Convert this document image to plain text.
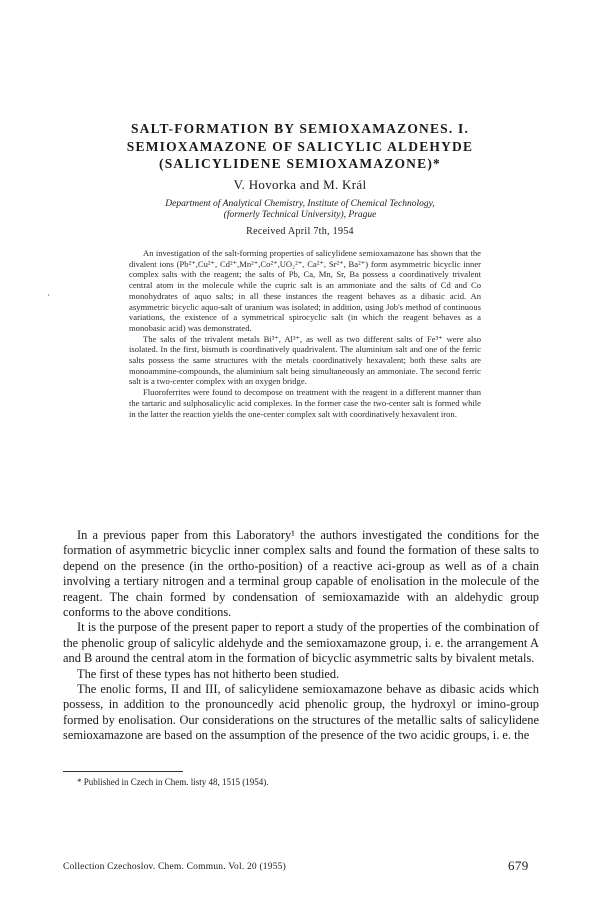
SALT-FORMATION BY SEMIOXAMAZONES. I.
SEMIOXAMAZONE OF SALICYLIC ALDEHYDE
(SALICYLIDENE SEMIOXAMAZONE)*
V. Hovorka and M. Král
Department of Analytical Chemistry, Institute of Chemical Technology,
(formerly Technical University), Prague
Received April 7th, 1954
·

An investigation of the salt-forming properties of salicylidene semioxamazone has shown that the divalent ions (Pb²⁺,Cu²⁺, Cd²⁺,Mn²⁺,Co²⁺,UO₂²⁺, Ca²⁺, Sr²⁺, Ba²⁺) form asymmetric bicyclic inner complex salts with the reagent; the salts of Pb, Ca, Mn, Sr, Ba possess a coordinatively trivalent central atom in the molecule while the cupric salt is an ammoniate and the salts of Cd and Co monohydrates of aquo salts; in all these instances the reagent behaves as a dibasic acid. An asymmetric bicyclic aquo-salt of uranium was isolated; in addition, using Job's method of continuous variations, the existence of a symmetrical spirocyclic salt (in which the reagent behaves as a monobasic acid) was demonstrated.

The salts of the trivalent metals Bi³⁺, Al³⁺, as well as two different salts of Fe³⁺ were also isolated. In the first, bismuth is coordinatively quadrivalent. The aluminium salt and one of the ferric salts possess the same structures with the metals coordinatively hexavalent; both these salts are monoammine-compounds, the aluminium salt being simultaneously an ammoniate. The second ferric salt is a two-center complex with an oxygen bridge.

Fluoroferrites were found to decompose on treatment with the reagent in a different manner than the tartaric and sulphosalicylic acid complexes. In the former case the two-center salt is formed while in the latter the reaction yields the one-center complex salt with coordinatively hexavalent iron.

In a previous paper from this Laboratory¹ the authors investigated the conditions for the formation of asymmetric bicyclic inner complex salts and found the formation of these salts to depend on the presence (in the ortho-position) of a reactive aci-group as well as of a chain involving a tertiary nitrogen and a terminal group capable of enolisation in the molecule of the reagent. The chain formed by condensation of semioxamazide with an aldehydic group conforms to the above conditions.

It is the purpose of the present paper to report a study of the properties of the combination of the phenolic group of salicylic aldehyde and the semioxamazone group, i. e. the arrangement A and B around the central atom in the formation of bicyclic asymmetric salts by bivalent metals.

The first of these types has not hitherto been studied.

The enolic forms, II and III, of salicylidene semioxamazone behave as dibasic acids which possess, in addition to the pronouncedly acid phenolic group, the hydroxyl or imino-group formed by enolisation. Our considerations on the structures of the metallic salts of salicylidene semioxamazone are based on the assumption of the presence of the two acidic groups, i. e. the

* Published in Czech in Chem. listy 48, 1515 (1954).
Collection Czechoslov. Chem. Commun. Vol. 20 (1955)	679
